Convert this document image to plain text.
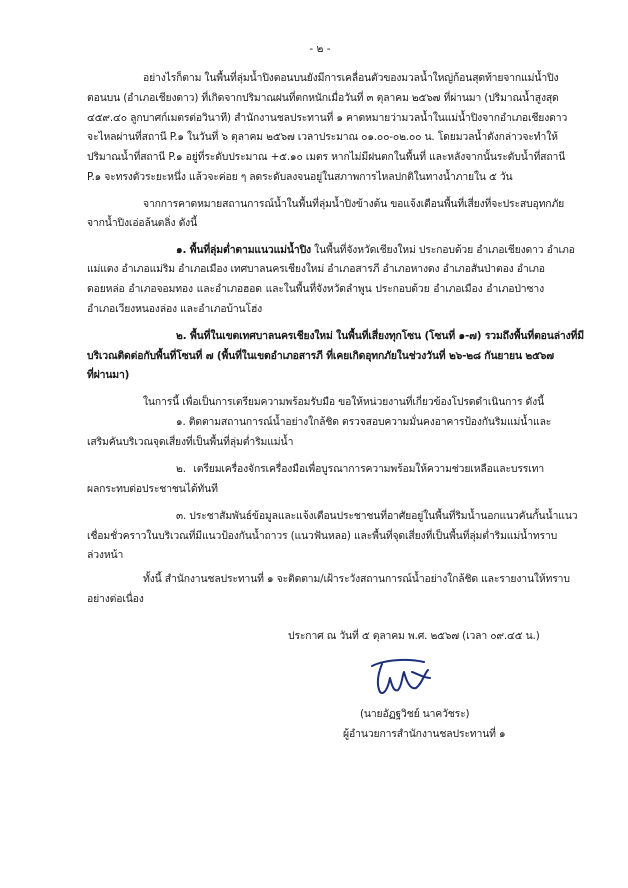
- ๒ -
อย่างไรก็ตาม ในพื้นที่ลุ่มน้ำปิงตอนบนยังมีการเคลื่อนตัวของมวลน้ำใหญ่ก้อนสุดท้ายจากแม่น้ำปิง
ตอนบน (อำเภอเชียงดาว) ที่เกิดจากปริมาณฝนที่ตกหนักเมื่อวันที่ ๓ ตุลาคม ๒๕๖๗ ที่ผ่านมา (ปริมาณน้ำสูงสุด
๔๕๙.๔๐ ลูกบาศก์เมตรต่อวินาที) สำนักงานชลประทานที่ ๑ คาดหมายว่ามวลน้ำในแม่น้ำปิงจากอำเภอเชียงดาว
จะไหลผ่านที่สถานี P.๑ ในวันที่ ๖ ตุลาคม ๒๕๖๗ เวลาประมาณ ๐๑.๐๐-๐๒.๐๐ น. โดยมวลน้ำดังกล่าวจะทำให้
ปริมาณน้ำที่สถานี P.๑ อยู่ที่ระดับประมาณ +๕.๑๐ เมตร หากไม่มีฝนตกในพื้นที่ และหลังจากนั้นระดับน้ำที่สถานี
P.๑ จะทรงตัวระยะหนึ่ง แล้วจะค่อย ๆ ลดระดับลงจนอยู่ในสภาพการไหลปกติในทางน้ำภายใน ๕ วัน
จากการคาดหมายสถานการณ์น้ำในพื้นที่ลุ่มน้ำปิงข้างต้น ขอแจ้งเตือนพื้นที่เสี่ยงที่จะประสบอุทกภัย
จากน้ำปิงเอ่อล้นตลิ่ง ดังนี้
๑. พื้นที่ลุ่มต่ำตามแนวแม่น้ำปิง ในพื้นที่จังหวัดเชียงใหม่ ประกอบด้วย อำเภอเชียงดาว อำเภอ
แม่แตง อำเภอแม่ริม อำเภอเมือง เทศบาลนครเชียงใหม่ อำเภอสารภี อำเภอหางดง อำเภอสันป่าตอง อำเภอ
ดอยหล่อ อำเภอจอมทอง และอำเภอฮอด และในพื้นที่จังหวัดลำพูน ประกอบด้วย อำเภอเมือง อำเภอป่าซาง
อำเภอเวียงหนองล่อง และอำเภอบ้านโฮ่ง
๒. พื้นที่ในเขตเทศบาลนครเชียงใหม่ ในพื้นที่เสี่ยงทุกโซน (โซนที่ ๑-๗) รวมถึงพื้นที่ตอนล่างที่มี
บริเวณติดต่อกับพื้นที่โซนที่ ๗ (พื้นที่ในเขตอำเภอสารภี ที่เคยเกิดอุทกภัยในช่วงวันที่ ๒๖-๒๘ กันยายน ๒๕๖๗
ที่ผ่านมา)
ในการนี้ เพื่อเป็นการเตรียมความพร้อมรับมือ ขอให้หน่วยงานที่เกี่ยวข้องโปรดดำเนินการ ดังนี้
๑. ติดตามสถานการณ์น้ำอย่างใกล้ชิด ตรวจสอบความมั่นคงอาคารป้องกันริมแม่น้ำและ
เสริมคันบริเวณจุดเสี่ยงที่เป็นพื้นที่ลุ่มต่ำริมแม่น้ำ
๒. เตรียมเครื่องจักรเครื่องมือเพื่อบูรณาการความพร้อมให้ความช่วยเหลือและบรรเทา
ผลกระทบต่อประชาชนได้ทันที
๓. ประชาสัมพันธ์ข้อมูลและแจ้งเตือนประชาชนที่อาศัยอยู่ในพื้นที่ริมน้ำนอกแนวคันกั้นน้ำแนว
เชื่อมชั่วคราวในบริเวณที่มีแนวป้องกันน้ำถาวร (แนวฟันหลอ) และพื้นที่จุดเสี่ยงที่เป็นพื้นที่ลุ่มต่ำริมแม่น้ำทราบ
ล่วงหน้า
ทั้งนี้ สำนักงานชลประทานที่ ๑ จะติดตาม/เฝ้าระวังสถานการณ์น้ำอย่างใกล้ชิด และรายงานให้ทราบ
อย่างต่อเนื่อง
ประกาศ ณ วันที่ ๕ ตุลาคม พ.ศ. ๒๕๖๗ (เวลา ๐๙.๔๕ น.)
(นายอัฏฐวิชย์ นาควัชระ)
ผู้อำนวยการสำนักงานชลประทานที่ ๑
